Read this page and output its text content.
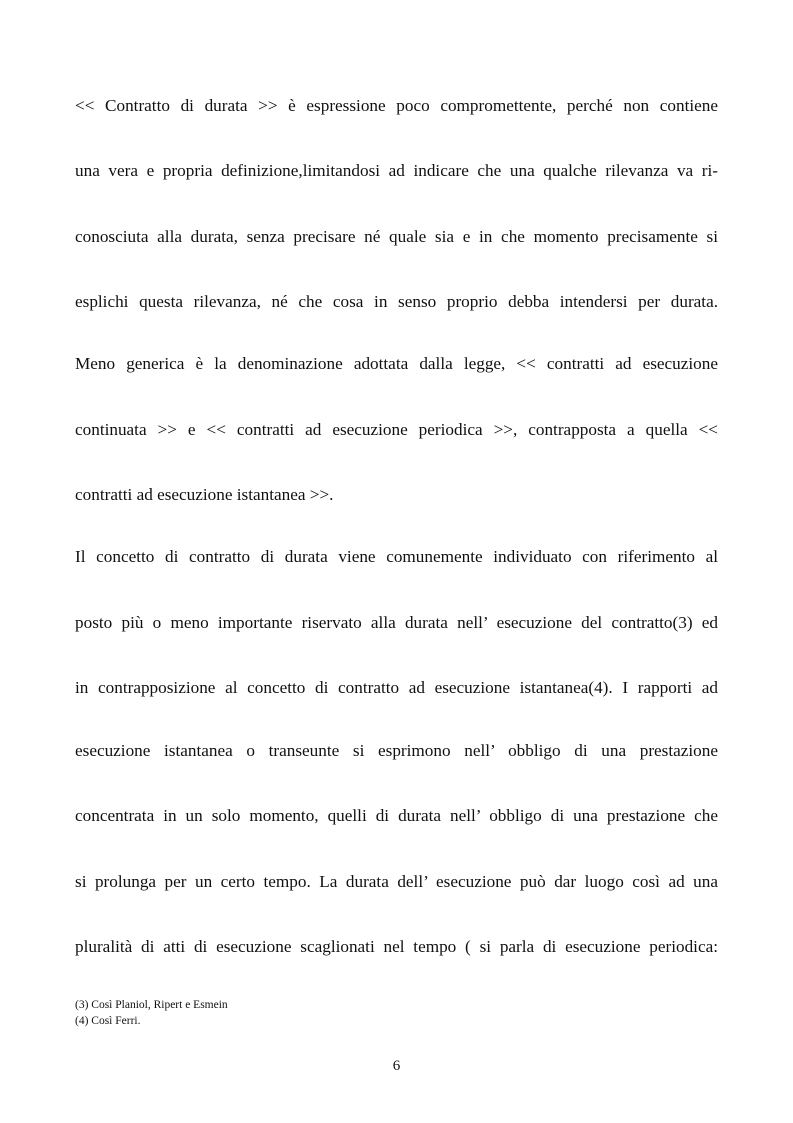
<< Contratto di durata >> è espressione poco compromettente, perché non contiene
una vera e propria definizione,limitandosi ad indicare che una qualche rilevanza va ri-
conosciuta alla durata, senza precisare né quale sia e in che momento precisamente si
esplichi questa rilevanza, né che cosa in senso proprio debba intendersi per durata.
Meno generica è la denominazione adottata dalla legge, << contratti ad esecuzione
continuata >> e << contratti ad esecuzione periodica >>, contrapposta a quella <<
contratti ad esecuzione istantanea >>.
Il concetto di contratto di durata viene comunemente individuato con riferimento al
posto più o meno importante riservato alla durata nell’ esecuzione del contratto(3) ed
in contrapposizione al concetto di contratto ad esecuzione istantanea(4). I rapporti ad
esecuzione istantanea o transeunte si esprimono nell’ obbligo di una prestazione
concentrata in un solo momento, quelli di durata nell’ obbligo di una prestazione che
si prolunga per un certo tempo. La durata dell’ esecuzione può dar luogo così ad una
pluralità di atti di esecuzione scaglionati nel tempo ( si parla di esecuzione periodica:
(3) Così Planiol, Ripert e Esmein
(4) Così Ferri.
6
